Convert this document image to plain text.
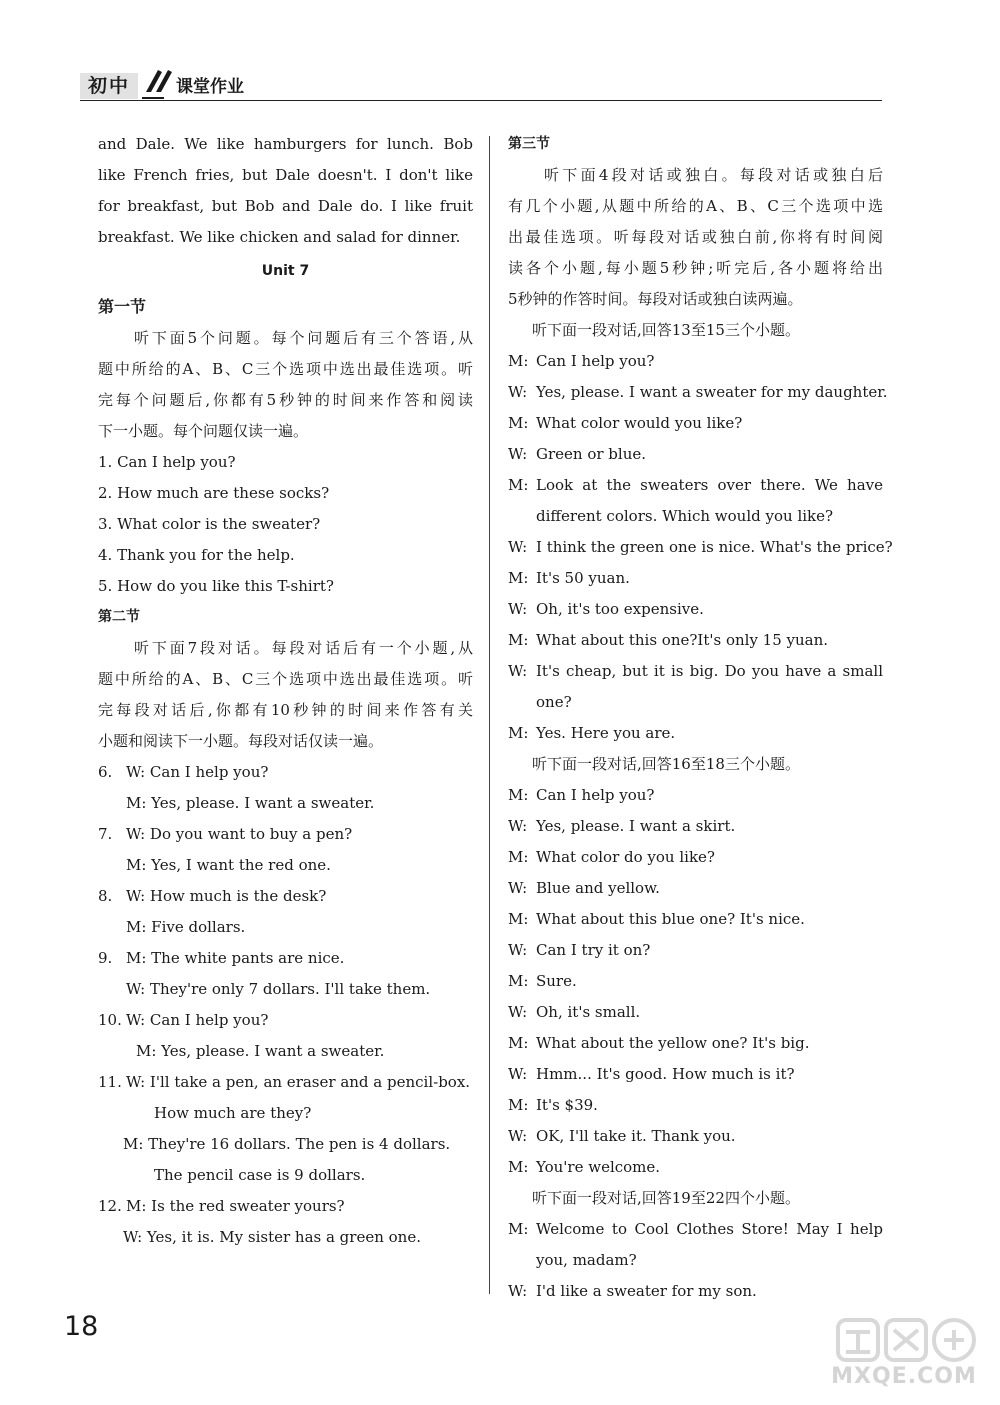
初中	课堂作业
and Dale. We like hamburgers for lunch. Bob
like French fries, but Dale doesn't. I don't like
for breakfast, but Bob and Dale do. I like fruit
breakfast. We like chicken and salad for dinner.
Unit 7
第一节
听下面5个问题。每个问题后有三个答语,从
题中所给的A、B、C三个选项中选出最佳选项。听
完每个问题后,你都有5秒钟的时间来作答和阅读
下一小题。每个问题仅读一遍。
1. Can I help you?
2. How much are these socks?
3. What color is the sweater?
4. Thank you for the help.
5. How do you like this T-shirt?
第二节
听下面7段对话。每段对话后有一个小题,从
题中所给的A、B、C三个选项中选出最佳选项。听
完每段对话后,你都有10秒钟的时间来作答有关
小题和阅读下一小题。每段对话仅读一遍。
6. W: Can I help you?
M: Yes, please. I want a sweater.
7. W: Do you want to buy a pen?
M: Yes, I want the red one.
8. W: How much is the desk?
M: Five dollars.
9. M: The white pants are nice.
W: They're only 7 dollars. I'll take them.
10. W: Can I help you?
M: Yes, please. I want a sweater.
11. W: I'll take a pen, an eraser and a pencil-box.
How much are they?
M: They're 16 dollars. The pen is 4 dollars.
The pencil case is 9 dollars.
12. M: Is the red sweater yours?
W: Yes, it is. My sister has a green one.
第三节
听下面4段对话或独白。每段对话或独白后
有几个小题,从题中所给的A、B、C三个选项中选
出最佳选项。听每段对话或独白前,你将有时间阅
读各个小题,每小题5秒钟;听完后,各小题将给出
5秒钟的作答时间。每段对话或独白读两遍。
听下面一段对话,回答13至15三个小题。
M: Can I help you?
W: Yes, please. I want a sweater for my daughter.
M: What color would you like?
W: Green or blue.
M: Look at the sweaters over there. We have
different colors. Which would you like?
W: I think the green one is nice. What's the price?
M: It's 50 yuan.
W: Oh, it's too expensive.
M: What about this one?It's only 15 yuan.
W: It's cheap, but it is big. Do you have a small
one?
M: Yes. Here you are.
听下面一段对话,回答16至18三个小题。
M: Can I help you?
W: Yes, please. I want a skirt.
M: What color do you like?
W: Blue and yellow.
M: What about this blue one? It's nice.
W: Can I try it on?
M: Sure.
W: Oh, it's small.
M: What about the yellow one? It's big.
W: Hmm... It's good. How much is it?
M: It's $39.
W: OK, I'll take it. Thank you.
M: You're welcome.
听下面一段对话,回答19至22四个小题。
M: Welcome to Cool Clothes Store! May I help
you, madam?
W: I'd like a sweater for my son.
18
MXQE.COM
